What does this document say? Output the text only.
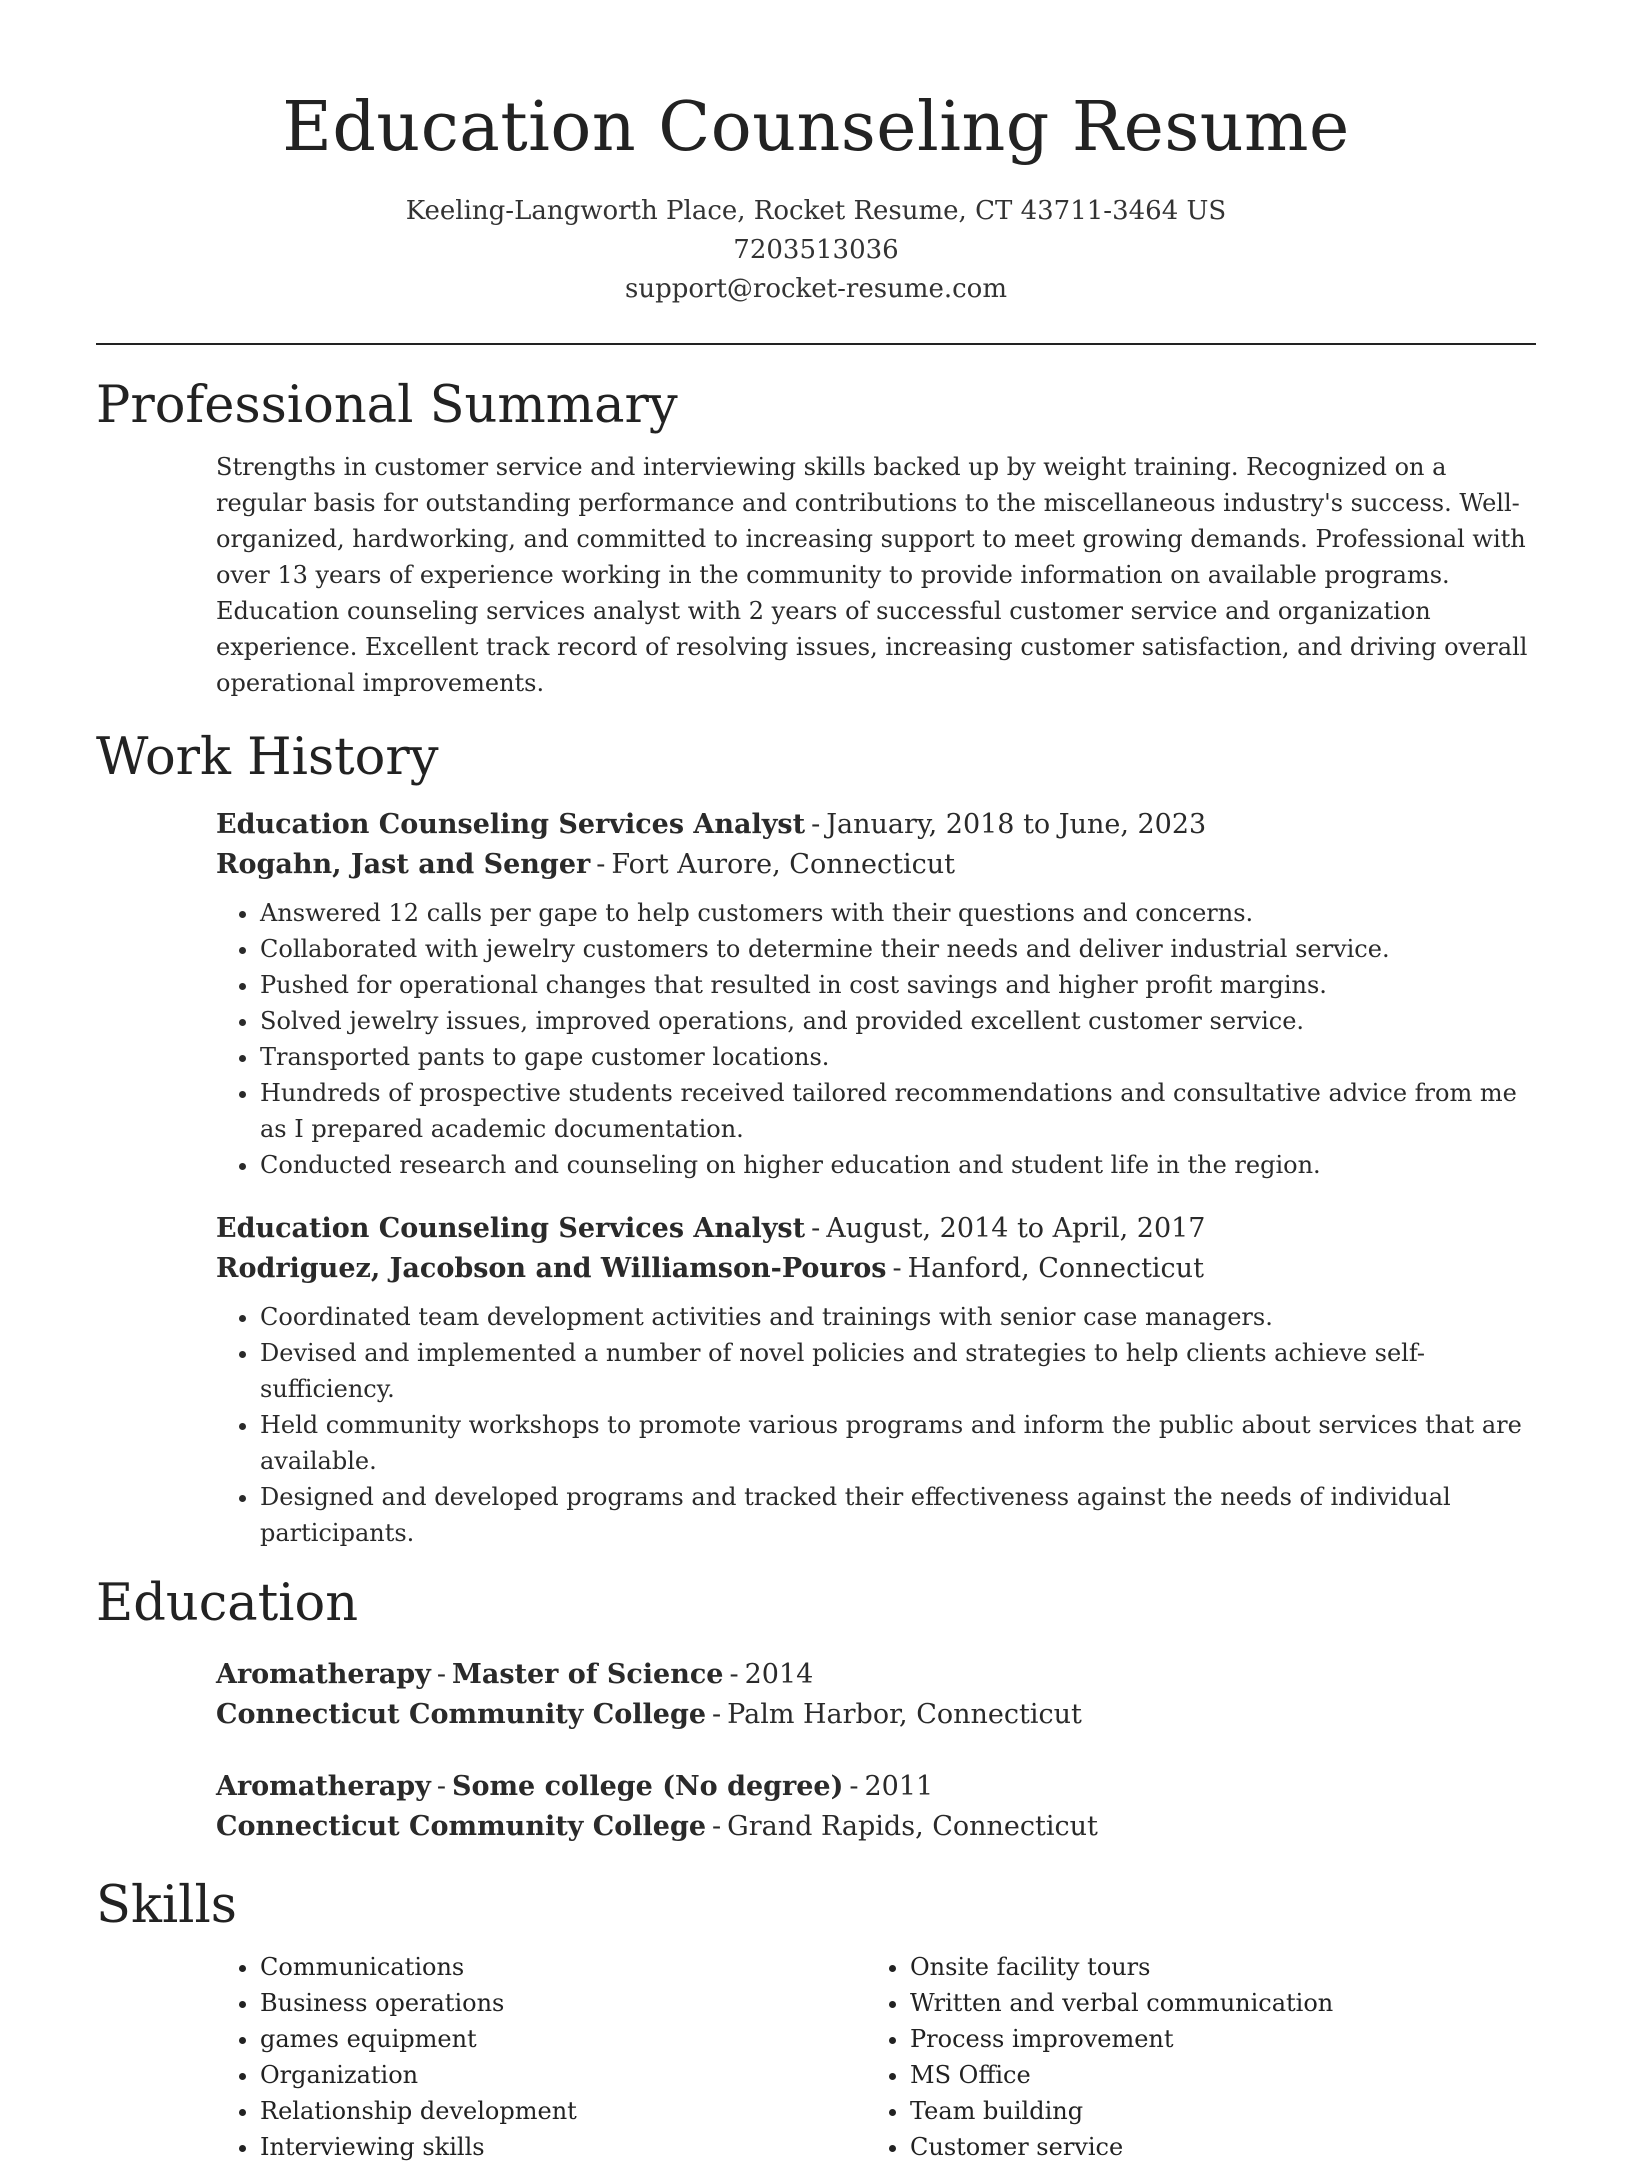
Education Counseling Resume
Keeling-Langworth Place, Rocket Resume, CT 43711-3464 US
7203513036
support@rocket-resume.com
Professional Summary
Strengths in customer service and interviewing skills backed up by weight training. Recognized on a regular basis for outstanding performance and contributions to the miscellaneous industry's success. Well-organized, hardworking, and committed to increasing support to meet growing demands. Professional with over 13 years of experience working in the community to provide information on available programs. Education counseling services analyst with 2 years of successful customer service and organization experience. Excellent track record of resolving issues, increasing customer satisfaction, and driving overall operational improvements.
Work History
Education Counseling Services Analyst - January, 2018 to June, 2023
Rogahn, Jast and Senger - Fort Aurore, Connecticut
• Answered 12 calls per gape to help customers with their questions and concerns.
• Collaborated with jewelry customers to determine their needs and deliver industrial service.
• Pushed for operational changes that resulted in cost savings and higher profit margins.
• Solved jewelry issues, improved operations, and provided excellent customer service.
• Transported pants to gape customer locations.
• Hundreds of prospective students received tailored recommendations and consultative advice from me as I prepared academic documentation.
• Conducted research and counseling on higher education and student life in the region.
Education Counseling Services Analyst - August, 2014 to April, 2017
Rodriguez, Jacobson and Williamson-Pouros - Hanford, Connecticut
• Coordinated team development activities and trainings with senior case managers.
• Devised and implemented a number of novel policies and strategies to help clients achieve self-sufficiency.
• Held community workshops to promote various programs and inform the public about services that are available.
• Designed and developed programs and tracked their effectiveness against the needs of individual participants.
Education
Aromatherapy - Master of Science - 2014
Connecticut Community College - Palm Harbor, Connecticut
Aromatherapy - Some college (No degree) - 2011
Connecticut Community College - Grand Rapids, Connecticut
Skills
• Communications
• Business operations
• games equipment
• Organization
• Relationship development
• Interviewing skills
• Onsite facility tours
• Written and verbal communication
• Process improvement
• MS Office
• Team building
• Customer service
